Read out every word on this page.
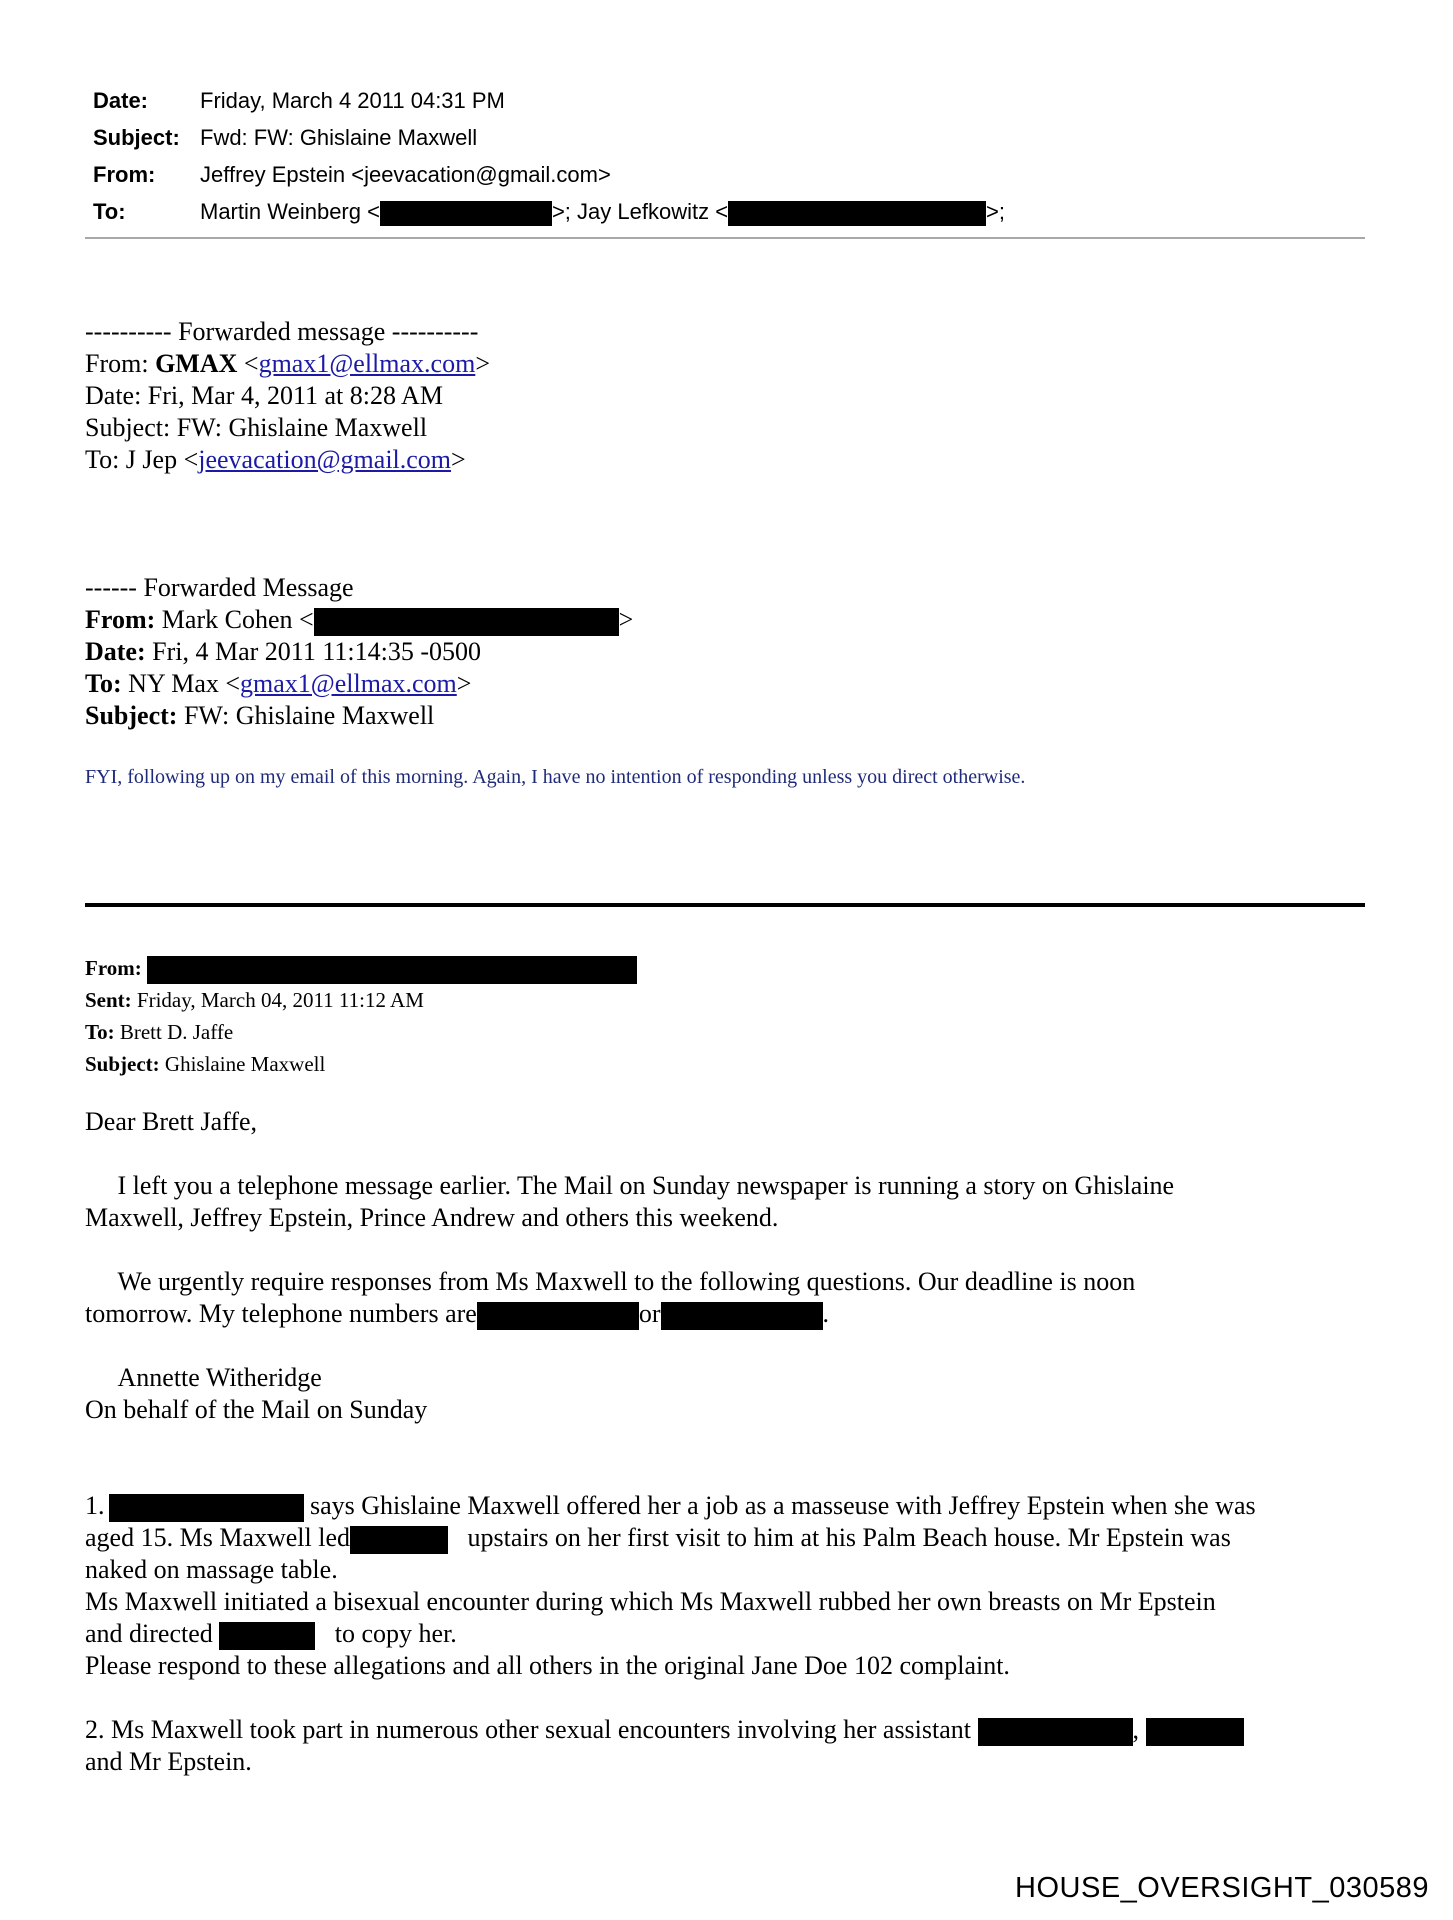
Date: Friday, March 4 2011 04:31 PM
Subject: Fwd: FW: Ghislaine Maxwell
From: Jeffrey Epstein <jeevacation@gmail.com>
To:	Martin Weinberg <	>; Jay Lefkowitz <	>;
---------- Forwarded message ----------
From: GMAX <gmax1@ellmax.com>
Date: Fri, Mar 4, 2011 at 8:28 AM
Subject: FW: Ghislaine Maxwell
To: J Jep <jeevacation@gmail.com>
------ Forwarded Message
From: Mark Cohen <	>
Date: Fri, 4 Mar 2011 11:14:35 -0500
To: NY Max <gmax1@ellmax.com>
Subject: FW: Ghislaine Maxwell
FYI, following up on my email of this morning. Again, I have no intention of responding unless you direct otherwise.
From:
Sent: Friday, March 04, 2011 11:12 AM
To: Brett D. Jaffe
Subject: Ghislaine Maxwell
Dear Brett Jaffe,
I left you a telephone message earlier. The Mail on Sunday newspaper is running a story on Ghislaine
Maxwell, Jeffrey Epstein, Prince Andrew and others this weekend.
We urgently require responses from Ms Maxwell to the following questions. Our deadline is noon
tomorrow. My telephone numbers are	or	.
Annette Witheridge
On behalf of the Mail on Sunday
1.	says Ghislaine Maxwell offered her a job as a masseuse with Jeffrey Epstein when she was
aged 15. Ms Maxwell led	upstairs on her first visit to him at his Palm Beach house. Mr Epstein was
naked on massage table.
Ms Maxwell initiated a bisexual encounter during which Ms Maxwell rubbed her own breasts on Mr Epstein
and directed	to copy her.
Please respond to these allegations and all others in the original Jane Doe 102 complaint.
2. Ms Maxwell took part in numerous other sexual encounters involving her assistant	,
and Mr Epstein.
HOUSE_OVERSIGHT_030589
